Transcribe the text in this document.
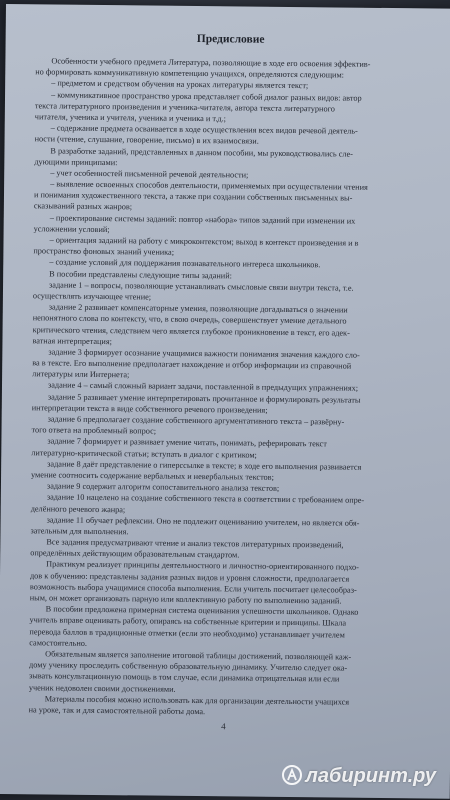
Предисловие
Особенности учебного предмета Литература, позволяющие в ходе его освоения эффектив-
но формировать коммуникативную компетенцию учащихся, определяются следующим:
– предметом и средством обучения на уроках литературы является текст;
– коммуникативное пространство урока представляет собой диалог разных видов: автор
текста литературного произведения и ученика-читателя, автора текста литературного
читателя, ученика и учителя, ученика и ученика и т.д.;
– содержание предмета осваивается в ходе осуществления всех видов речевой деятель-
ности (чтение, слушание, говорение, письмо) в их взаимосвязи.
В разработке заданий, представленных в данном пособии, мы руководствовались сле-
дующими принципами:
– учет особенностей письменной речевой деятельности;
– выявление освоенных способов деятельности, применяемых при осуществлении чтения
и понимания художественного текста, а также при создании собственных письменных вы-
сказываний разных жанров;
– проектирование системы заданий: повтор «набора» типов заданий при изменении их
усложнении условий;
– ориентация заданий на работу с микроконтекстом; выход в контекст произведения и в
пространство фоновых знаний ученика;
– создание условий для поддержания познавательного интереса школьников.
В пособии представлены следующие типы заданий:
задание 1 – вопросы, позволяющие устанавливать смысловые связи внутри текста, т.е.
осуществлять изучающее чтение;
задание 2 развивает компенсаторные умения, позволяющие догадываться о значении
непонятного слова по контексту, что, в свою очередь, совершенствует умение детального
критического чтения, следствием чего является глубокое проникновение в текст, его адек-
ватная интерпретация;
задание 3 формирует осознание учащимися важности понимания значения каждого сло-
ва в тексте. Его выполнение предполагает нахождение и отбор информации из справочной
литературы или Интернета;
задание 4 – самый сложный вариант задачи, поставленной в предыдущих упражнениях;
задание 5 развивает умение интерпретировать прочитанное и формулировать результаты
интерпретации текста в виде собственного речевого произведения;
задание 6 предполагает создание собственного аргументативного текста – развёрну-
того ответа на проблемный вопрос;
задание 7 формирует и развивает умение читать, понимать, реферировать текст
литературно-критической статьи; вступать в диалог с критиком;
задание 8 даёт представление о гиперссылке в тексте; в ходе его выполнения развивается
умение соотносить содержание вербальных и невербальных текстов;
задание 9 содержит алгоритм сопоставительного анализа текстов;
задание 10 нацелено на создание собственного текста в соответствии с требованием опре-
делённого речевого жанра;
задание 11 обучает рефлексии. Оно не подлежит оцениванию учителем, но является обя-
зательным для выполнения.
Все задания предусматривают чтение и анализ текстов литературных произведений,
определённых действующим образовательным стандартом.
Практикум реализует принципы деятельностного и личностно-ориентированного подхо-
дов к обучению: представлены задания разных видов и уровня сложности, предполагается
возможность выбора учащимися способа выполнения. Если учитель посчитает целесообраз-
ным, он может организовать парную или коллективную работу по выполнению заданий.
В пособии предложена примерная система оценивания успешности школьников. Однако
учитель вправе оценивать работу, опираясь на собственные критерии и принципы. Шкала
перевода баллов в традиционные отметки (если это необходимо) устанавливает учителем
самостоятельно.
Обязательным является заполнение итоговой таблицы достижений, позволяющей каж-
дому ученику проследить собственную образовательную динамику. Учителю следует ока-
зывать консультационную помощь в том случае, если динамика отрицательная или если
ученик недоволен своими достижениями.
Материалы пособия можно использовать как для организации деятельности учащихся
на уроке, так и для самостоятельной работы дома.
4
лабиринт.ру
